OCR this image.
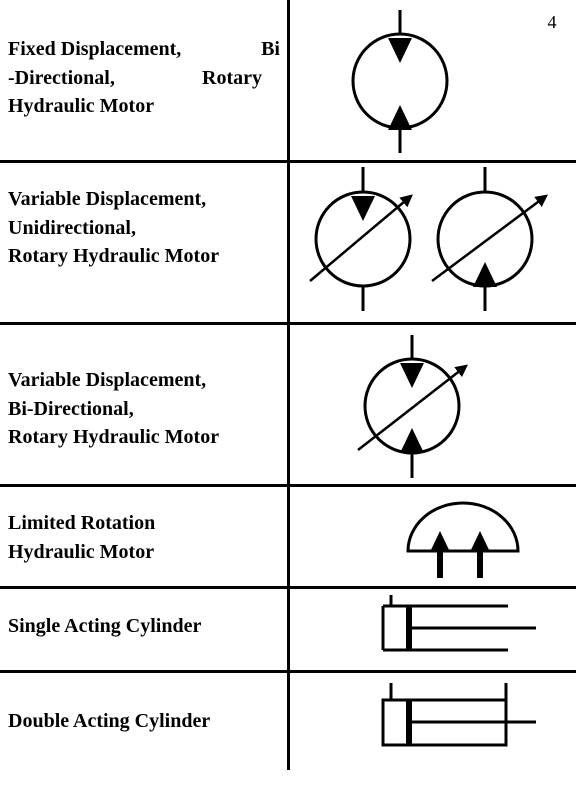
4
Fixed Displacement,	Bi
-Directional,	Rotary
Hydraulic Motor
Variable Displacement,
Unidirectional,
Rotary Hydraulic Motor
Variable Displacement,
Bi-Directional,
Rotary Hydraulic Motor
Limited Rotation
Hydraulic Motor
Single Acting Cylinder
Double Acting Cylinder
